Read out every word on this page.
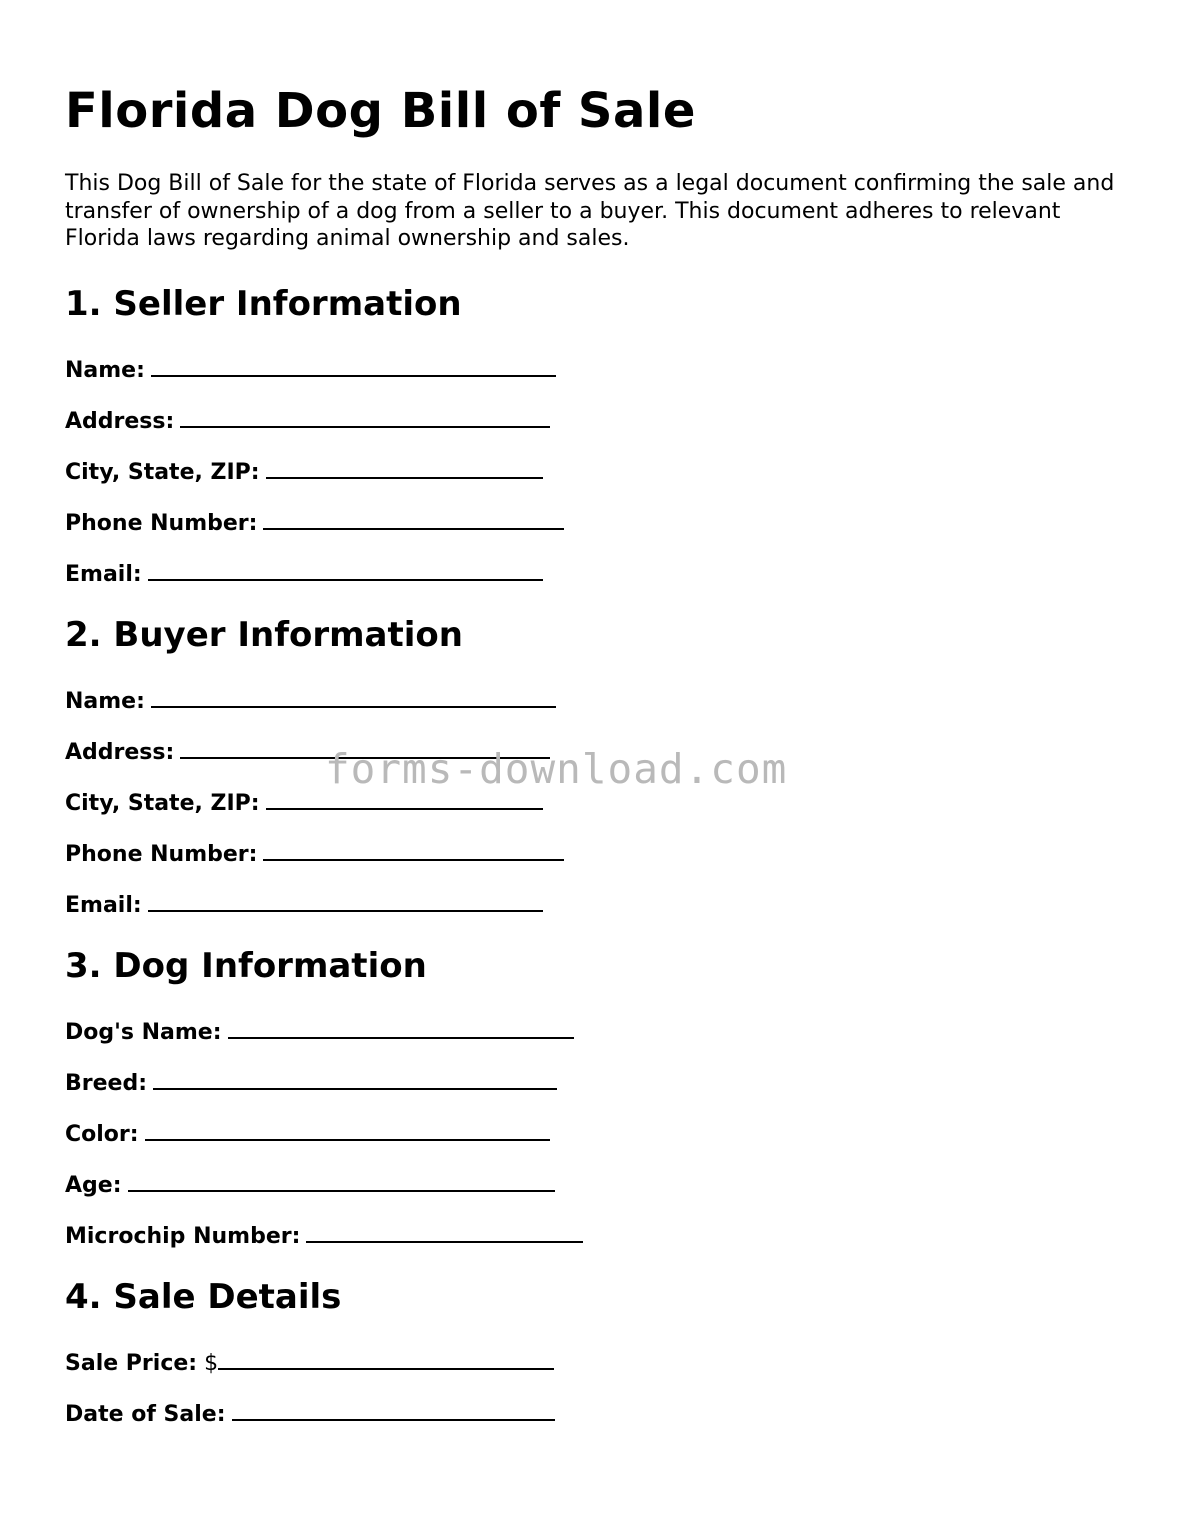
Florida Dog Bill of Sale

This Dog Bill of Sale for the state of Florida serves as a legal document confirming the sale and transfer of ownership of a dog from a seller to a buyer. This document adheres to relevant Florida laws regarding animal ownership and sales.

1. Seller Information
Name:
Address:
City, State, ZIP:
Phone Number:
Email:
2. Buyer Information
Name:
Address:
City, State, ZIP:
Phone Number:
Email:
3. Dog Information
Dog's Name:
Breed:
Color:
Age:
Microchip Number:
4. Sale Details
Sale Price: $
Date of Sale:
forms-download.com
